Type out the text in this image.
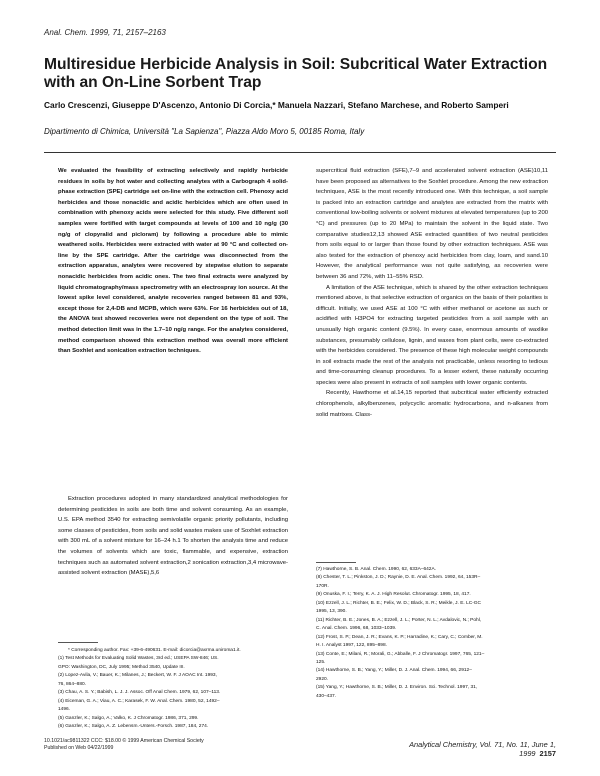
Anal. Chem. 1999, 71, 2157–2163
Multiresidue Herbicide Analysis in Soil: Subcritical Water Extraction with an On-Line Sorbent Trap
Carlo Crescenzi, Giuseppe D'Ascenzo, Antonio Di Corcia,* Manuela Nazzari, Stefano Marchese, and Roberto Samperi
Dipartimento di Chimica, Università "La Sapienza", Piazza Aldo Moro 5, 00185 Roma, Italy
We evaluated the feasibility of extracting selectively and rapidly herbicide residues in soils by hot water and collecting analytes with a Carbograph 4 solid-phase extraction (SPE) cartridge set on-line with the extraction cell. Phenoxy acid herbicides and those nonacidic and acidic herbicides which are often used in combination with phenoxy acids were selected for this study. Five different soil samples were fortified with target compounds at levels of 100 and 10 ng/g (30 ng/g of clopyralid and picloram) by following a procedure able to mimic weathered soils. Herbicides were extracted with water at 90 °C and collected on-line by the SPE cartridge. After the cartridge was disconnected from the extraction apparatus, analytes were recovered by stepwise elution to separate nonacidic herbicides from acidic ones. The two final extracts were analyzed by liquid chromatography/mass spectrometry with an electrospray ion source. At the lowest spike level considered, analyte recoveries ranged between 81 and 93%, except those for 2,4-DB and MCPB, which were 63%. For 16 herbicides out of 18, the ANOVA test showed recoveries were not dependent on the type of soil. The method detection limit was in the 1.7–10 ng/g range. For the analytes considered, method comparison showed this extraction method was overall more efficient than Soxhlet and sonication extraction techniques.
Extraction procedures adopted in many standardized analytical methodologies for determining pesticides in soils are both time and solvent consuming. As an example, U.S. EPA method 3540 for extracting semivolatile organic priority pollutants, including some classes of pesticides, from soils and solid wastes makes use of Soxhlet extraction with 300 mL of a solvent mixture for 16–24 h.1 To shorten the analysis time and reduce the volumes of solvents which are toxic, flammable, and expensive, extraction techniques such as automated solvent extraction,2 sonication extraction,3,4 microwave-assisted solvent extraction (MASE),5,6
* Corresponding author. Fax: +39-6-490631. E-mail: dicorcia@axrma.uniroma1.it.
(1) Test Methods for Evaluating Solid Wastes, 3rd ed.; USEPA SW-846; US.
GPO: Washington, DC, July 1995; Method 3540, Update III.
(2) Lopez-Avila, V.; Bauer, K.; Milanes, J.; Beckert, W. F. J AOAC Int. 1993,
76, 864–880.
(3) Chau, A. S. Y.; Babish, L. J. J. Assoc. Off Anal Chem. 1979, 62, 107–113.
(4) Eiceman, G. A.; Viau, A. C.; Karasek, F. W. Anal. Chem. 1980, 52, 1492–
1496.
(5) Ganzler, K.; Salgo, A.; Valko, K. J Chromatogr. 1986, 371, 299.
(6) Ganzler, K.; Salgo, A. Z. Lebensm.-Unters.-Forsch. 1987, 184, 274.

supercritical fluid extraction (SFE),7–9 and accelerated solvent extraction (ASE)10,11 have been proposed as alternatives to the Soxhlet procedure. Among the new extraction techniques, ASE is the most recently introduced one. With this technique, a soil sample is packed into an extraction cartridge and analytes are extracted from the matrix with conventional low-boiling solvents or solvent mixtures at elevated temperatures (up to 200 °C) and pressures (up to 20 MPa) to maintain the solvent in the liquid state. Two comparative studies12,13 showed ASE extracted quantities of two neutral pesticides from soils equal to or larger than those found by other extraction techniques. ASE was also tested for the extraction of phenoxy acid herbicides from clay, loam, and sand.10 However, the analytical performance was not quite satisfying, as recoveries were between 36 and 72%, with 11–55% RSD.

A limitation of the ASE technique, which is shared by the other extraction techniques mentioned above, is that selective extraction of organics on the basis of their polarities is difficult. Initially, we used ASE at 100 °C with either methanol or acetone as such or acidified with H3PO4 for extracting targeted pesticides from a soil sample with an unusually high organic content (9.5%). In every case, enormous amounts of waxlike substances, presumably cellulose, lignin, and waxes from plant cells, were co-extracted with the herbicides considered. The presence of these high molecular weight compounds in soil extracts made the rest of the analysis not practicable, unless resorting to tedious and time-consuming cleanup procedures. To a lesser extent, these naturally occurring species were also present in extracts of soil samples with lower organic contents.

Recently, Hawthorne et al.14,15 reported that subcritical water efficiently extracted chlorophenols, alkylbenzenes, polycyclic aromatic hydrocarbons, and n-alkanes from solid matrixes. Class-

(7) Hawthorne, S. B. Anal. Chem. 1990, 62, 633A–642A.
(8) Chester, T. L.; Pinkston, J. D.; Raynie, D. E. Anal. Chem. 1992, 64, 153R–
170R.
(9) Onuska, F. I.; Terry, K. A. J. High Resolut. Chromatogr. 1995, 18, 417.
(10) Ezzell, J. L.; Richter, B. E.; Felix, W. D.; Black, S. R.; Meikle, J. E. LC-GC
1995, 13, 390.
(11) Richter, B. E.; Jones, B. A.; Ezzell, J. L.; Porter, N. L.; Avdalovic, N.; Pohl,
C. Anal. Chem. 1996, 68, 1033–1039.
(12) Frost, S. P.; Dean, J. R.; Evans, K. P.; Harradine, K.; Cary, C.; Comber, M.
H. I. Analyst 1997, 122, 895–898.
(13) Conte, E.; Milani, R.; Morali, G.; Abballe, F. J Chromatogr. 1997, 765, 121–
125.
(14) Hawthorne, S. B.; Yang, Y.; Miller, D. J. Anal. Chem. 1994, 66, 2912–
2920.
(15) Yang, Y.; Hawthorne, S. B.; Miller, D. J. Environ. Sci. Technol. 1997, 31,
430–437.
10.1021/ac9811322 CCC: $18.00 © 1999 American Chemical Society
Published on Web 04/22/1999	Analytical Chemistry, Vol. 71, No. 11, June 1, 1999 2157
